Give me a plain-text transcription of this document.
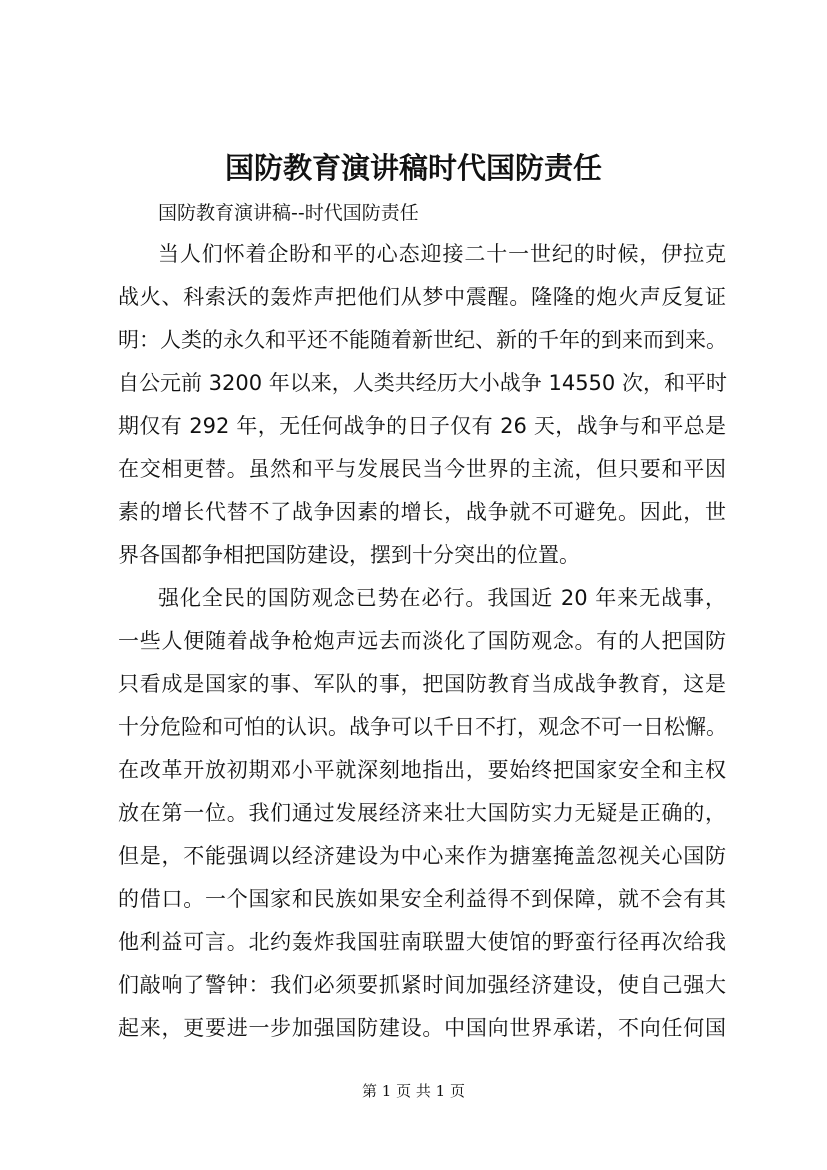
国防教育演讲稿时代国防责任
国防教育演讲稿--时代国防责任
当人们怀着企盼和平的心态迎接二十一世纪的时候，伊拉克
战火、科索沃的轰炸声把他们从梦中震醒。隆隆的炮火声反复证
明：人类的永久和平还不能随着新世纪、新的千年的到来而到来。
自公元前 3200 年以来，人类共经历大小战争 14550 次，和平时
期仅有 292 年，无任何战争的日子仅有 26 天，战争与和平总是
在交相更替。虽然和平与发展民当今世界的主流，但只要和平因
素的增长代替不了战争因素的增长，战争就不可避免。因此，世
界各国都争相把国防建设，摆到十分突出的位置。
强化全民的国防观念已势在必行。我国近 20 年来无战事，
一些人便随着战争枪炮声远去而淡化了国防观念。有的人把国防
只看成是国家的事、军队的事，把国防教育当成战争教育，这是
十分危险和可怕的认识。战争可以千日不打，观念不可一日松懈。
在改革开放初期邓小平就深刻地指出，要始终把国家安全和主权
放在第一位。我们通过发展经济来壮大国防实力无疑是正确的，
但是，不能强调以经济建设为中心来作为搪塞掩盖忽视关心国防
的借口。一个国家和民族如果安全利益得不到保障，就不会有其
他利益可言。北约轰炸我国驻南联盟大使馆的野蛮行径再次给我
们敲响了警钟：我们必须要抓紧时间加强经济建设，使自己强大
起来，更要进一步加强国防建设。中国向世界承诺，不向任何国
第 1 页 共 1 页
